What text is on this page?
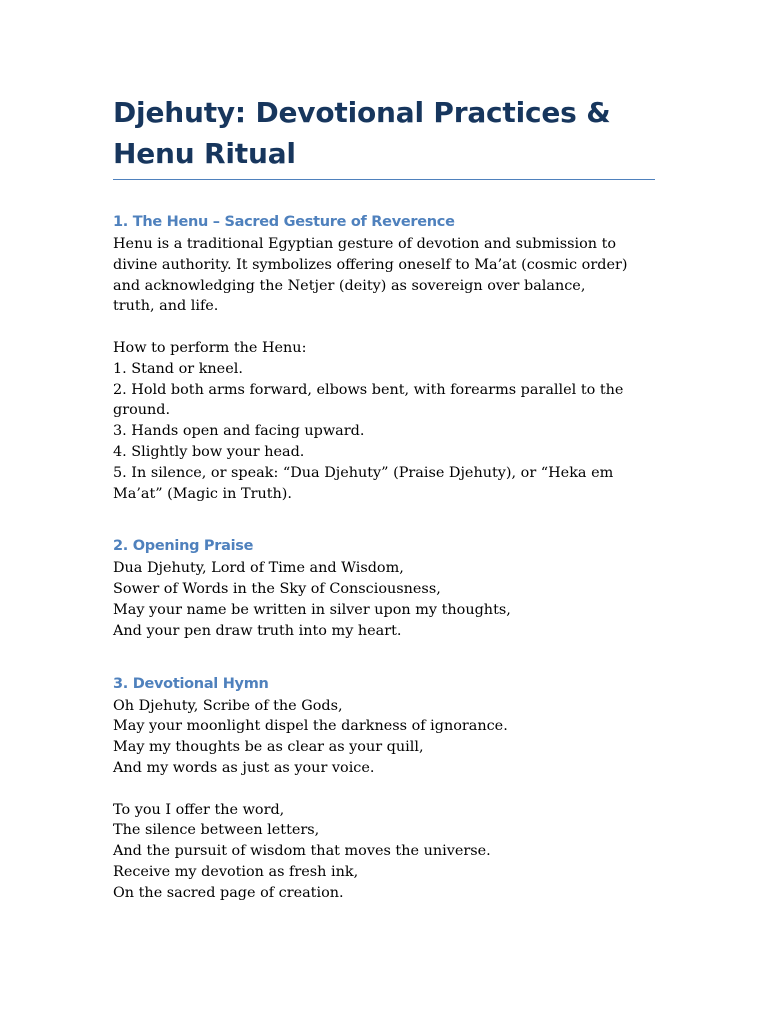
Djehuty: Devotional Practices & Henu Ritual
1. The Henu – Sacred Gesture of Reverence

Henu is a traditional Egyptian gesture of devotion and submission to
divine authority. It symbolizes offering oneself to Ma’at (cosmic order)
and acknowledging the Netjer (deity) as sovereign over balance,
truth, and life.

How to perform the Henu:
1. Stand or kneel.
2. Hold both arms forward, elbows bent, with forearms parallel to the
ground.
3. Hands open and facing upward.
4. Slightly bow your head.
5. In silence, or speak: “Dua Djehuty” (Praise Djehuty), or “Heka em
Ma’at” (Magic in Truth).

2. Opening Praise

Dua Djehuty, Lord of Time and Wisdom,
Sower of Words in the Sky of Consciousness,
May your name be written in silver upon my thoughts,
And your pen draw truth into my heart.

3. Devotional Hymn

Oh Djehuty, Scribe of the Gods,
May your moonlight dispel the darkness of ignorance.
May my thoughts be as clear as your quill,
And my words as just as your voice.

To you I offer the word,
The silence between letters,
And the pursuit of wisdom that moves the universe.
Receive my devotion as fresh ink,
On the sacred page of creation.
